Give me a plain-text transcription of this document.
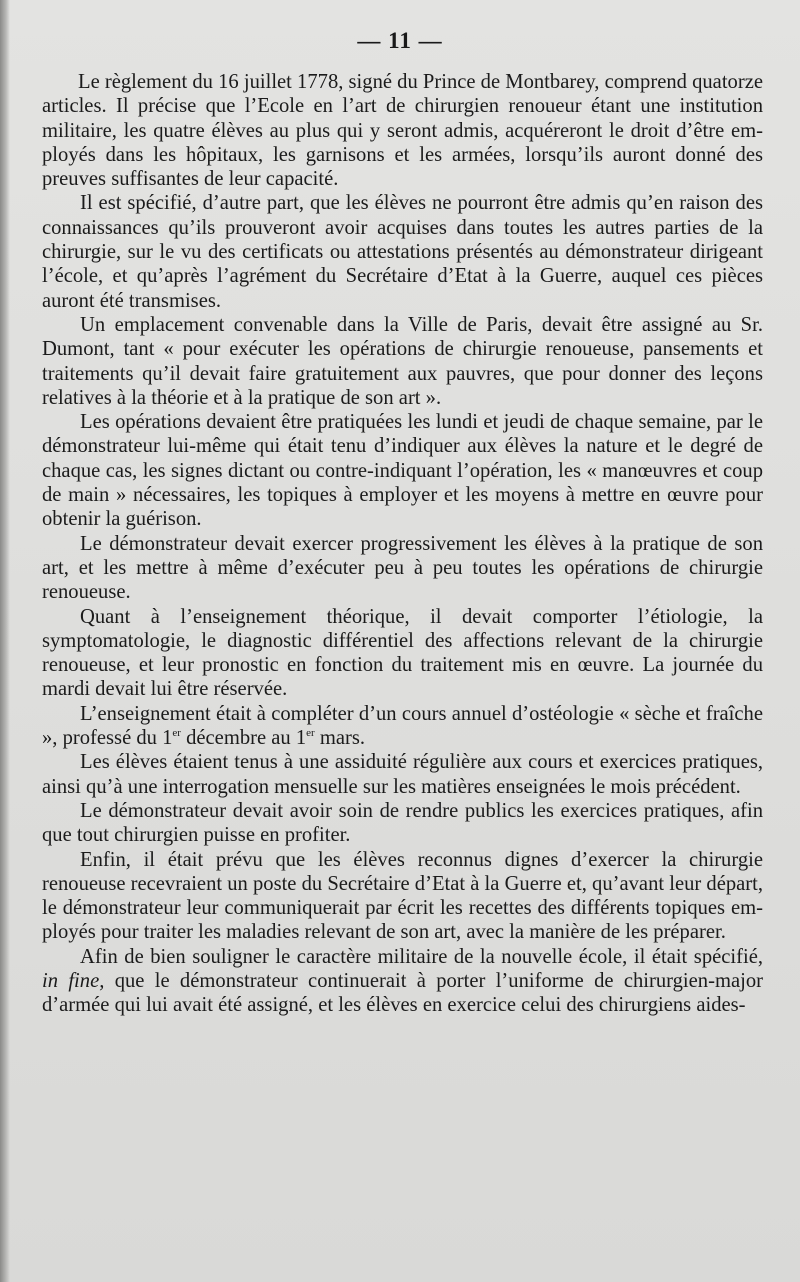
— 11 —

Le règlement du 16 juillet 1778, signé du Prince de Montbarey, comprend quatorze articles. Il précise que l’Ecole en l’art de chirurgien renoueur étant une institution militaire, les quatre élèves au plus qui y seront admis, acquéreront le droit d’être employés dans les hôpitaux, les garnisons et les armées, lorsqu’ils auront donné des preuves suffisantes de leur capacité.

Il est spécifié, d’autre part, que les élèves ne pourront être admis qu’en raison des connaissances qu’ils prouveront avoir acquises dans toutes les autres parties de la chirurgie, sur le vu des certificats ou attestations présentés au démonstrateur dirigeant l’école, et qu’après l’agrément du Secrétaire d’Etat à la Guerre, auquel ces pièces auront été transmises.

Un emplacement convenable dans la Ville de Paris, devait être assigné au Sr. Dumont, tant « pour exécuter les opérations de chirurgie renoueuse, pansements et traitements qu’il devait faire gratuitement aux pauvres, que pour donner des leçons relatives à la théorie et à la pratique de son art ».

Les opérations devaient être pratiquées les lundi et jeudi de chaque semaine, par le démonstrateur lui-même qui était tenu d’indiquer aux élèves la nature et le degré de chaque cas, les signes dictant ou contre-indiquant l’opération, les « manœuvres et coup de main » nécessaires, les topiques à employer et les moyens à mettre en œuvre pour obtenir la guérison.

Le démonstrateur devait exercer progressivement les élèves à la pratique de son art, et les mettre à même d’exécuter peu à peu toutes les opérations de chirurgie renoueuse.

Quant à l’enseignement théorique, il devait comporter l’étiologie, la symptomatologie, le diagnostic différentiel des affections relevant de la chirurgie renoueuse, et leur pronostic en fonction du traitement mis en œuvre. La journée du mardi devait lui être réservée.

L’enseignement était à compléter d’un cours annuel d’ostéologie « sèche et fraîche », professé du 1er décembre au 1er mars.

Les élèves étaient tenus à une assiduité régulière aux cours et exercices pratiques, ainsi qu’à une interrogation mensuelle sur les matières enseignées le mois précédent.

Le démonstrateur devait avoir soin de rendre publics les exercices pratiques, afin que tout chirurgien puisse en profiter.

Enfin, il était prévu que les élèves reconnus dignes d’exercer la chirurgie renoueuse recevraient un poste du Secrétaire d’Etat à la Guerre et, qu’avant leur départ, le démonstrateur leur communiquerait par écrit les recettes des différents topiques employés pour traiter les maladies relevant de son art, avec la manière de les préparer.

Afin de bien souligner le caractère militaire de la nouvelle école, il était spécifié, in fine, que le démonstrateur continuerait à porter l’uniforme de chirurgien-major d’armée qui lui avait été assigné, et les élèves en exercice celui des chirurgiens aides-
